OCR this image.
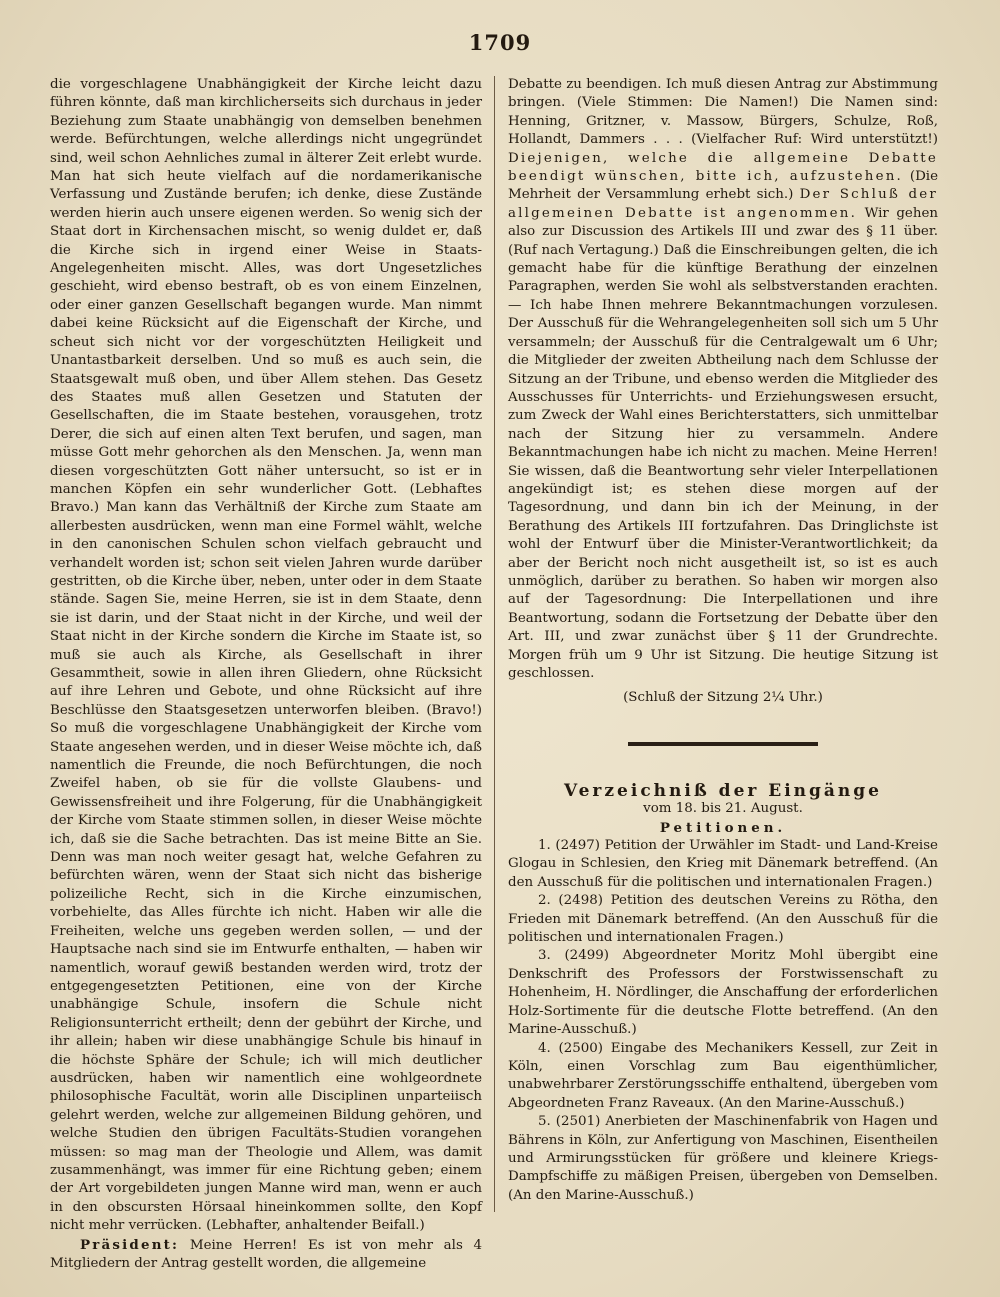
1709

die vorgeschlagene Unabhängigkeit der Kirche leicht dazu führen könnte, daß man kirchlicherseits sich durchaus in jeder Beziehung zum Staate unabhängig von demselben benehmen werde. Befürchtungen, welche allerdings nicht ungegründet sind, weil schon Aehnliches zumal in älterer Zeit erlebt wurde. Man hat sich heute vielfach auf die nordamerikanische Verfassung und Zustände berufen; ich denke, diese Zustände werden hierin auch unsere eigenen werden. So wenig sich der Staat dort in Kirchensachen mischt, so wenig duldet er, daß die Kirche sich in irgend einer Weise in Staats-Angelegenheiten mischt. Alles, was dort Ungesetzliches geschieht, wird ebenso bestraft, ob es von einem Einzelnen, oder einer ganzen Gesellschaft begangen wurde. Man nimmt dabei keine Rücksicht auf die Eigenschaft der Kirche, und scheut sich nicht vor der vorgeschützten Heiligkeit und Unantastbarkeit derselben. Und so muß es auch sein, die Staatsgewalt muß oben, und über Allem stehen. Das Gesetz des Staates muß allen Gesetzen und Statuten der Gesellschaften, die im Staate bestehen, vorausgehen, trotz Derer, die sich auf einen alten Text berufen, und sagen, man müsse Gott mehr gehorchen als den Menschen. Ja, wenn man diesen vorgeschützten Gott näher untersucht, so ist er in manchen Köpfen ein sehr wunderlicher Gott. (Lebhaftes Bravo.) Man kann das Verhältniß der Kirche zum Staate am allerbesten ausdrücken, wenn man eine Formel wählt, welche in den canonischen Schulen schon vielfach gebraucht und verhandelt worden ist; schon seit vielen Jahren wurde darüber gestritten, ob die Kirche über, neben, unter oder in dem Staate stände. Sagen Sie, meine Herren, sie ist in dem Staate, denn sie ist darin, und der Staat nicht in der Kirche, und weil der Staat nicht in der Kirche sondern die Kirche im Staate ist, so muß sie auch als Kirche, als Gesellschaft in ihrer Gesammtheit, sowie in allen ihren Gliedern, ohne Rücksicht auf ihre Lehren und Gebote, und ohne Rücksicht auf ihre Beschlüsse den Staatsgesetzen unterworfen bleiben. (Bravo!) So muß die vorgeschlagene Unabhängigkeit der Kirche vom Staate angesehen werden, und in dieser Weise möchte ich, daß namentlich die Freunde, die noch Befürchtungen, die noch Zweifel haben, ob sie für die vollste Glaubens- und Gewissensfreiheit und ihre Folgerung, für die Unabhängigkeit der Kirche vom Staate stimmen sollen, in dieser Weise möchte ich, daß sie die Sache betrachten. Das ist meine Bitte an Sie. Denn was man noch weiter gesagt hat, welche Gefahren zu befürchten wären, wenn der Staat sich nicht das bisherige polizeiliche Recht, sich in die Kirche einzumischen, vorbehielte, das Alles fürchte ich nicht. Haben wir alle die Freiheiten, welche uns gegeben werden sollen, — und der Hauptsache nach sind sie im Entwurfe enthalten, — haben wir namentlich, worauf gewiß bestanden werden wird, trotz der entgegengesetzten Petitionen, eine von der Kirche unabhängige Schule, insofern die Schule nicht Religionsunterricht ertheilt; denn der gebührt der Kirche, und ihr allein; haben wir diese unabhängige Schule bis hinauf in die höchste Sphäre der Schule; ich will mich deutlicher ausdrücken, haben wir namentlich eine wohlgeordnete philosophische Facultät, worin alle Disciplinen unparteiisch gelehrt werden, welche zur allgemeinen Bildung gehören, und welche Studien den übrigen Facultäts-Studien vorangehen müssen: so mag man der Theologie und Allem, was damit zusammenhängt, was immer für eine Richtung geben; einem der Art vorgebildeten jungen Manne wird man, wenn er auch in den obscursten Hörsaal hineinkommen sollte, den Kopf nicht mehr verrücken. (Lebhafter, anhaltender Beifall.)

Präsident: Meine Herren! Es ist von mehr als 4 Mitgliedern der Antrag gestellt worden, die allgemeine

Debatte zu beendigen. Ich muß diesen Antrag zur Abstimmung bringen. (Viele Stimmen: Die Namen!) Die Namen sind: Henning, Gritzner, v. Massow, Bürgers, Schulze, Roß, Hollandt, Dammers . . . (Vielfacher Ruf: Wird unterstützt!) Diejenigen, welche die allgemeine Debatte beendigt wünschen, bitte ich, aufzustehen. (Die Mehrheit der Versammlung erhebt sich.) Der Schluß der allgemeinen Debatte ist angenommen. Wir gehen also zur Discussion des Artikels III und zwar des § 11 über. (Ruf nach Vertagung.) Daß die Einschreibungen gelten, die ich gemacht habe für die künftige Berathung der einzelnen Paragraphen, werden Sie wohl als selbstverstanden erachten. — Ich habe Ihnen mehrere Bekanntmachungen vorzulesen. Der Ausschuß für die Wehrangelegenheiten soll sich um 5 Uhr versammeln; der Ausschuß für die Centralgewalt um 6 Uhr; die Mitglieder der zweiten Abtheilung nach dem Schlusse der Sitzung an der Tribune, und ebenso werden die Mitglieder des Ausschusses für Unterrichts- und Erziehungswesen ersucht, zum Zweck der Wahl eines Berichterstatters, sich unmittelbar nach der Sitzung hier zu versammeln. Andere Bekanntmachungen habe ich nicht zu machen. Meine Herren! Sie wissen, daß die Beantwortung sehr vieler Interpellationen angekündigt ist; es stehen diese morgen auf der Tagesordnung, und dann bin ich der Meinung, in der Berathung des Artikels III fortzufahren. Das Dringlichste ist wohl der Entwurf über die Minister-Verantwortlichkeit; da aber der Bericht noch nicht ausgetheilt ist, so ist es auch unmöglich, darüber zu berathen. So haben wir morgen also auf der Tagesordnung: Die Interpellationen und ihre Beantwortung, sodann die Fortsetzung der Debatte über den Art. III, und zwar zunächst über § 11 der Grundrechte. Morgen früh um 9 Uhr ist Sitzung. Die heutige Sitzung ist geschlossen.

(Schluß der Sitzung 2¼ Uhr.)

Verzeichniß der Eingänge

vom 18. bis 21. August.

Petitionen.

1. (2497) Petition der Urwähler im Stadt- und Land-Kreise Glogau in Schlesien, den Krieg mit Dänemark betreffend. (An den Ausschuß für die politischen und internationalen Fragen.)

2. (2498) Petition des deutschen Vereins zu Rötha, den Frieden mit Dänemark betreffend. (An den Ausschuß für die politischen und internationalen Fragen.)

3. (2499) Abgeordneter Moritz Mohl übergibt eine Denkschrift des Professors der Forstwissenschaft zu Hohenheim, H. Nördlinger, die Anschaffung der erforderlichen Holz-Sortimente für die deutsche Flotte betreffend. (An den Marine-Ausschuß.)

4. (2500) Eingabe des Mechanikers Kessell, zur Zeit in Köln, einen Vorschlag zum Bau eigenthümlicher, unabwehrbarer Zerstörungsschiffe enthaltend, übergeben vom Abgeordneten Franz Raveaux. (An den Marine-Ausschuß.)

5. (2501) Anerbieten der Maschinenfabrik von Hagen und Bährens in Köln, zur Anfertigung von Maschinen, Eisentheilen und Armirungsstücken für größere und kleinere Kriegs-Dampfschiffe zu mäßigen Preisen, übergeben von Demselben. (An den Marine-Ausschuß.)
